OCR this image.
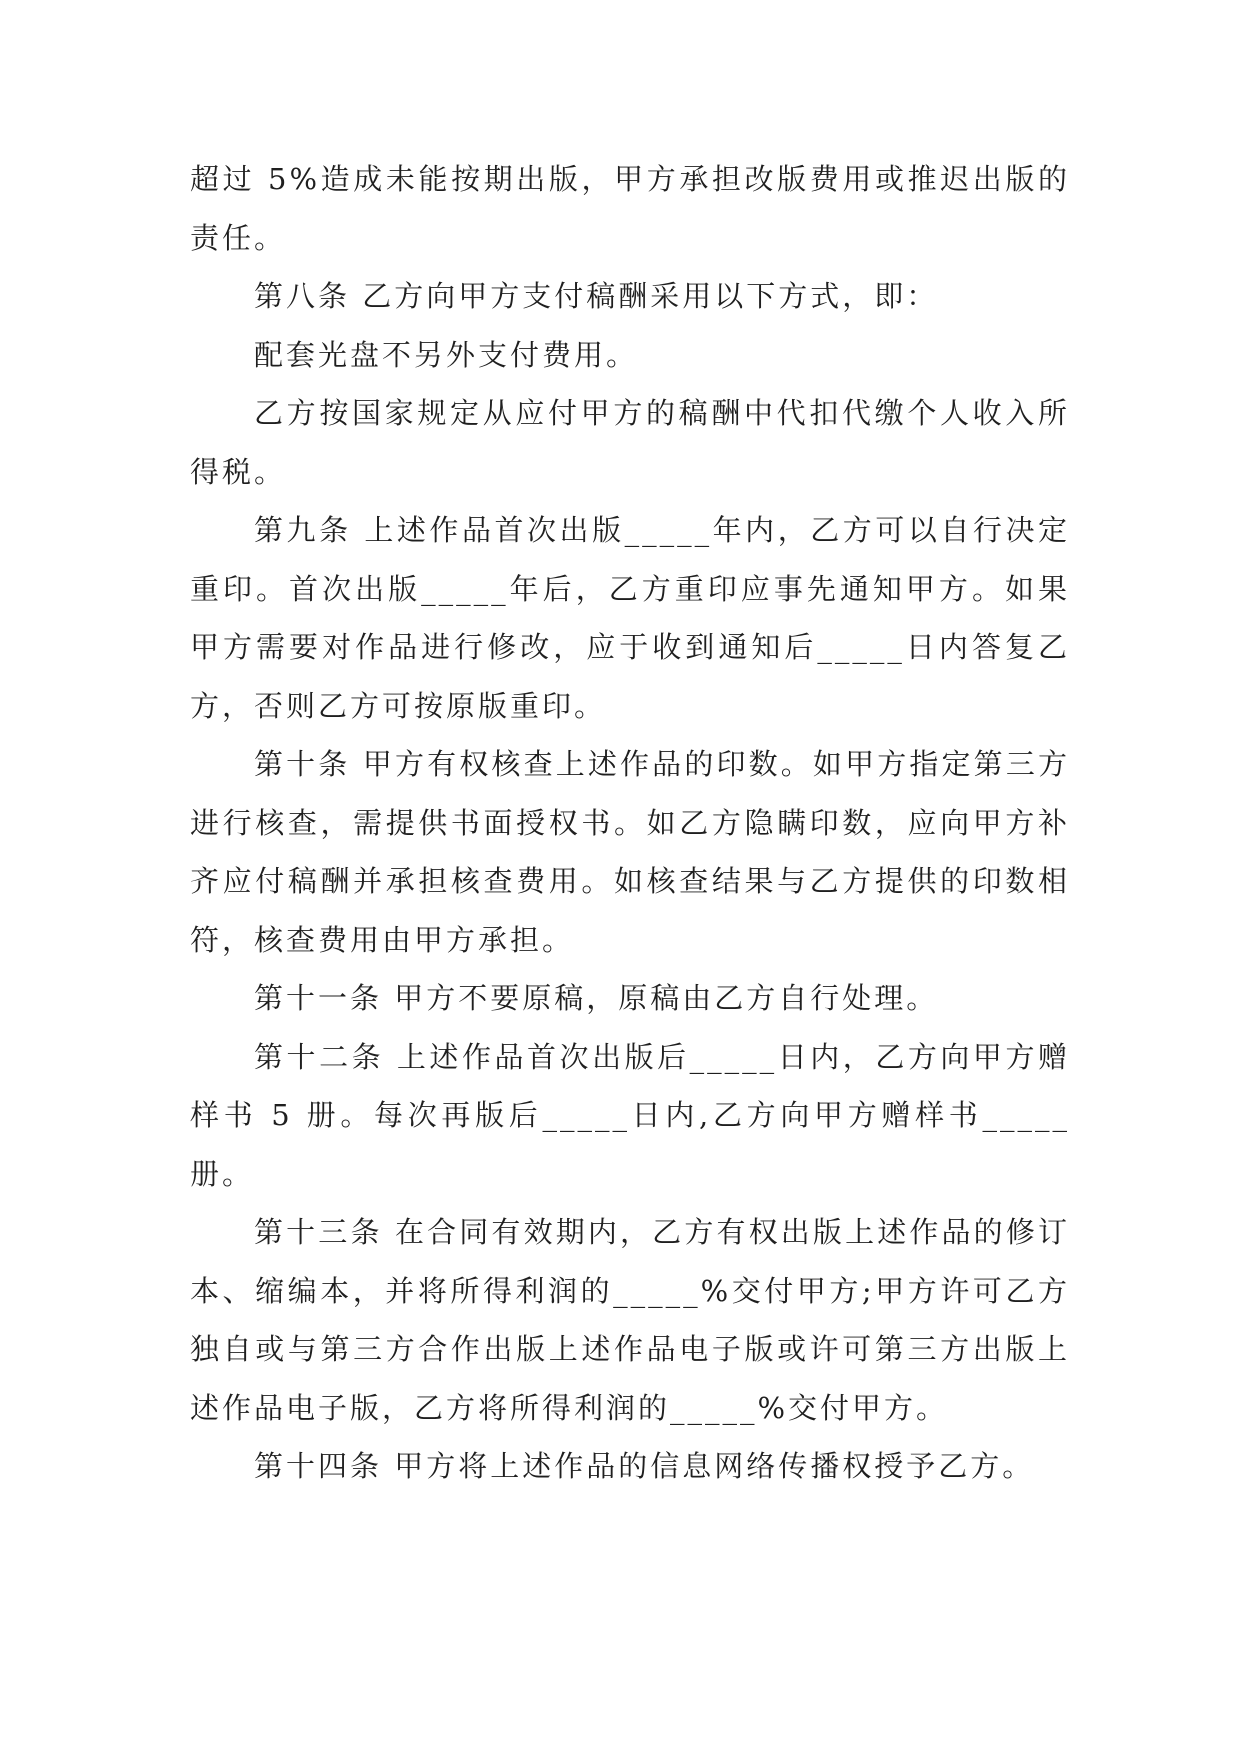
超过 5%造成未能按期出版，甲方承担改版费用或推迟出版的责任。

第八条 乙方向甲方支付稿酬采用以下方式，即：

配套光盘不另外支付费用。

乙方按国家规定从应付甲方的稿酬中代扣代缴个人收入所得税。

第九条 上述作品首次出版_____年内，乙方可以自行决定重印。首次出版_____年后，乙方重印应事先通知甲方。如果甲方需要对作品进行修改，应于收到通知后_____日内答复乙方，否则乙方可按原版重印。

第十条 甲方有权核查上述作品的印数。如甲方指定第三方进行核查，需提供书面授权书。如乙方隐瞒印数，应向甲方补齐应付稿酬并承担核查费用。如核查结果与乙方提供的印数相符，核查费用由甲方承担。

第十一条 甲方不要原稿，原稿由乙方自行处理。

第十二条 上述作品首次出版后_____日内，乙方向甲方赠样书 5 册。每次再版后_____日内,乙方向甲方赠样书_____册。

第十三条 在合同有效期内，乙方有权出版上述作品的修订本、缩编本，并将所得利润的_____%交付甲方;甲方许可乙方独自或与第三方合作出版上述作品电子版或许可第三方出版上述作品电子版，乙方将所得利润的_____%交付甲方。

第十四条 甲方将上述作品的信息网络传播权授予乙方。
